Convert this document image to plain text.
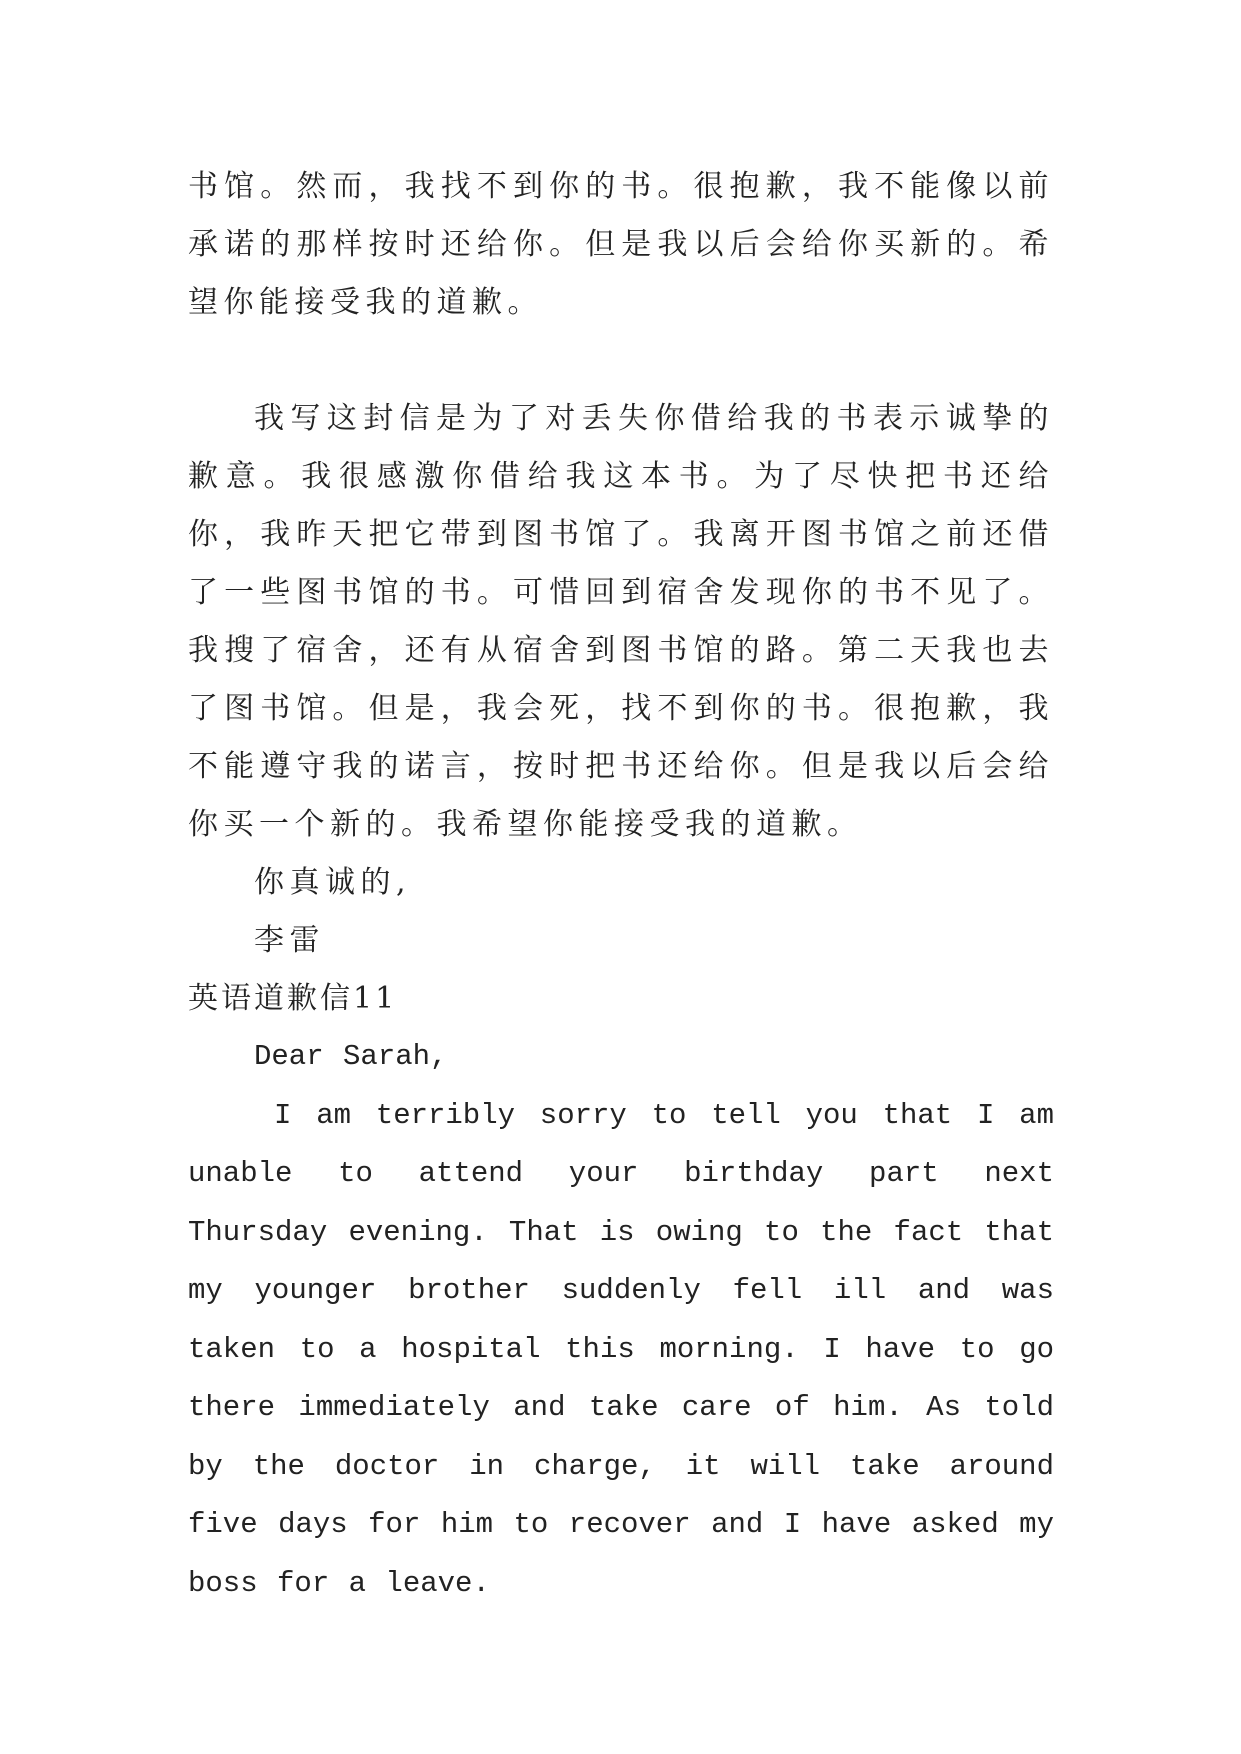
书馆。然而，我找不到你的书。很抱歉，我不能像以前承诺的那样按时还给你。但是我以后会给你买新的。希望你能接受我的道歉。

我写这封信是为了对丢失你借给我的书表示诚挚的歉意。我很感激你借给我这本书。为了尽快把书还给你，我昨天把它带到图书馆了。我离开图书馆之前还借了一些图书馆的书。可惜回到宿舍发现你的书不见了。我搜了宿舍，还有从宿舍到图书馆的路。第二天我也去了图书馆。但是，我会死，找不到你的书。很抱歉，我不能遵守我的诺言，按时把书还给你。但是我以后会给你买一个新的。我希望你能接受我的道歉。

你真诚的,

李雷

英语道歉信11

Dear Sarah,

I am terribly sorry to tell you that I am unable to attend your birthday part next Thursday evening. That is owing to the fact that my younger brother suddenly fell ill and was taken to a hospital this morning. I have to go there immediately and take care of him. As told by the doctor in charge, it will take around five days for him to recover and I have asked my boss for a leave.
